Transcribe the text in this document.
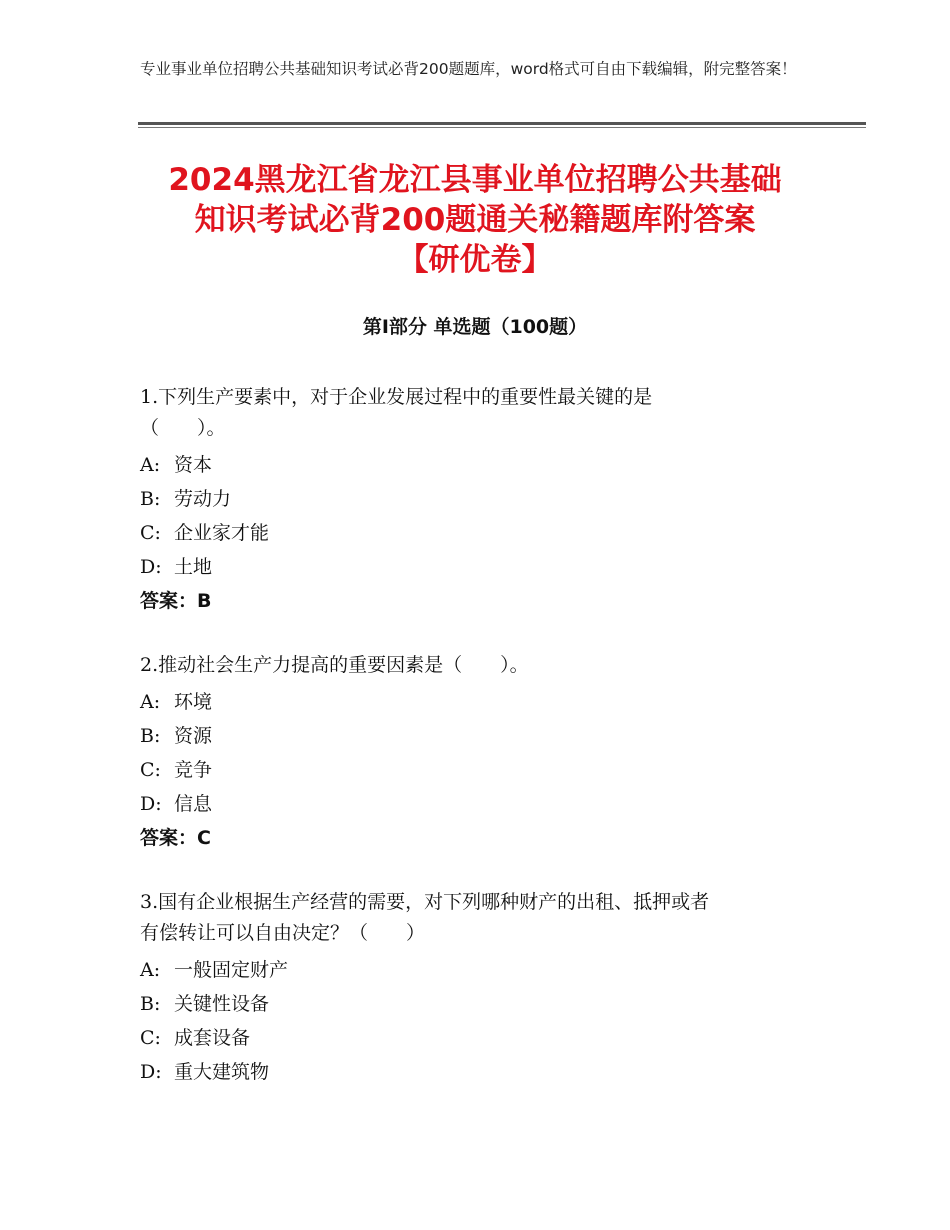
专业事业单位招聘公共基础知识考试必背200题题库，word格式可自由下载编辑，附完整答案！
2024黑龙江省龙江县事业单位招聘公共基础
知识考试必背200题通关秘籍题库附答案
【研优卷】
第Ⅰ部分 单选题（100题）

1.下列生产要素中，对于企业发展过程中的重要性最关键的是
（　　）。

A: 资本

B: 劳动力

C: 企业家才能

D: 土地

答案：B

2.推动社会生产力提高的重要因素是（　　）。

A: 环境

B: 资源

C: 竞争

D: 信息

答案：C

3.国有企业根据生产经营的需要，对下列哪种财产的出租、抵押或者
有偿转让可以自由决定？（　　）

A: 一般固定财产

B: 关键性设备

C: 成套设备

D: 重大建筑物
